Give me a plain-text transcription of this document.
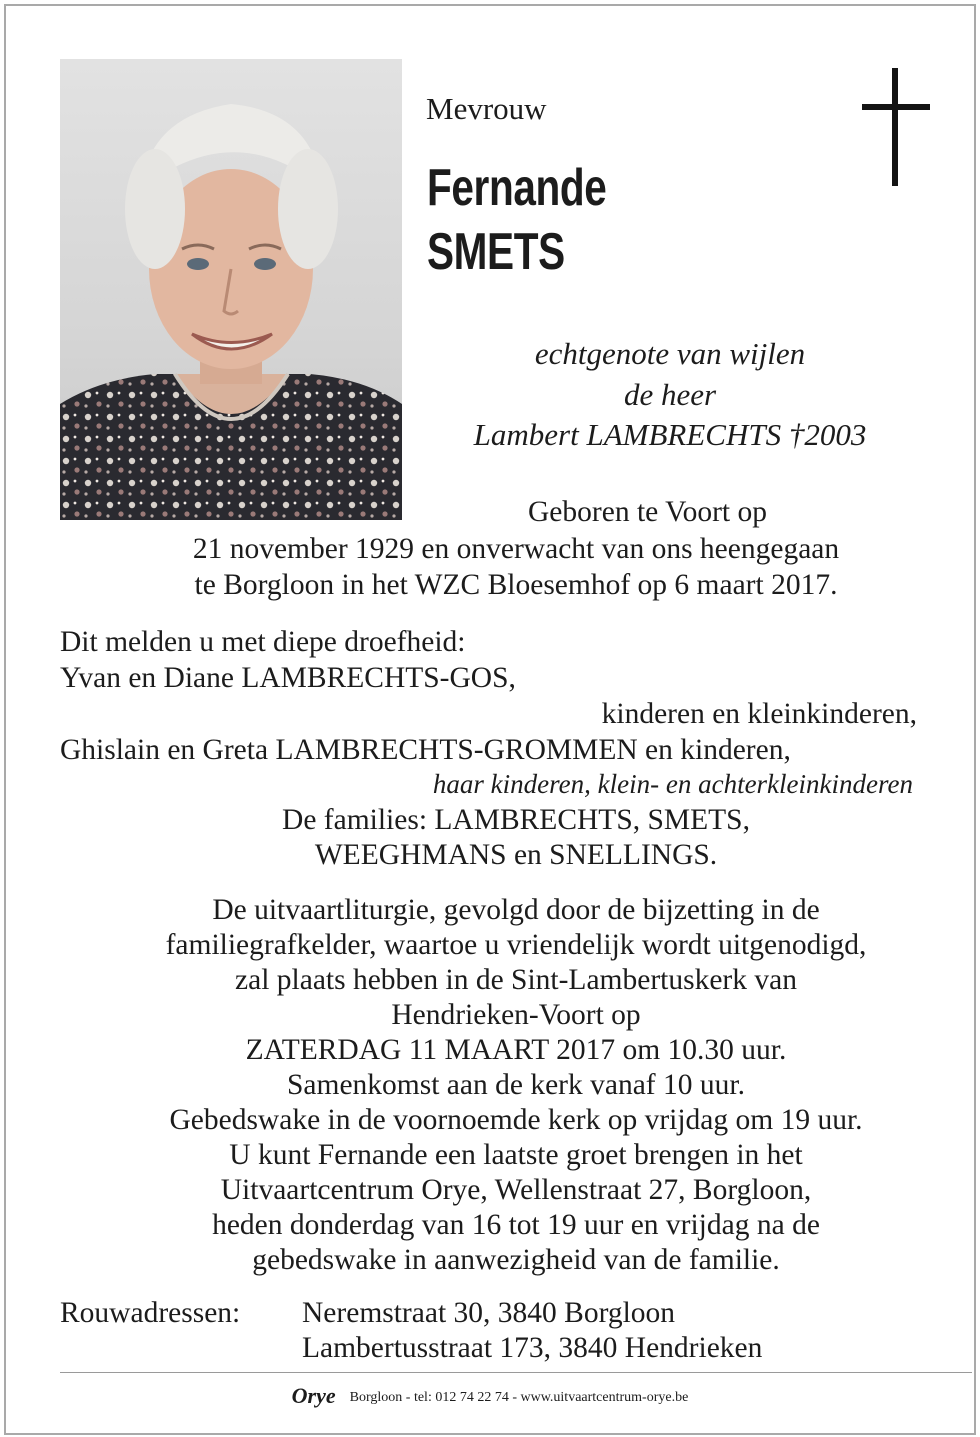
Mevrouw
Fernande
SMETS
echtgenote van wijlen
de heer
Lambert LAMBRECHTS †2003
Geboren te Voort op
21 november 1929 en onverwacht van ons heengegaan
te Borgloon in het WZC Bloesemhof op 6 maart 2017.
Dit melden u met diepe droefheid:
Yvan en Diane LAMBRECHTS-GOS,
kinderen en kleinkinderen,
Ghislain en Greta LAMBRECHTS-GROMMEN en kinderen,
haar kinderen, klein- en achterkleinkinderen
De families: LAMBRECHTS, SMETS,
WEEGHMANS en SNELLINGS.
De uitvaartliturgie, gevolgd door de bijzetting in de
familiegrafkelder, waartoe u vriendelijk wordt uitgenodigd,
zal plaats hebben in de Sint-Lambertuskerk van
Hendrieken-Voort op
ZATERDAG 11 MAART 2017 om 10.30 uur.
Samenkomst aan de kerk vanaf 10 uur.
Gebedswake in de voornoemde kerk op vrijdag om 19 uur.
U kunt Fernande een laatste groet brengen in het
Uitvaartcentrum Orye, Wellenstraat 27, Borgloon,
heden donderdag van 16 tot 19 uur en vrijdag na de
gebedswake in aanwezigheid van de familie.
Rouwadressen: Neremstraat 30, 3840 Borgloon
Lambertusstraat 173, 3840 Hendrieken
Orye Borgloon - tel: 012 74 22 74 - www.uitvaartcentrum-orye.be
